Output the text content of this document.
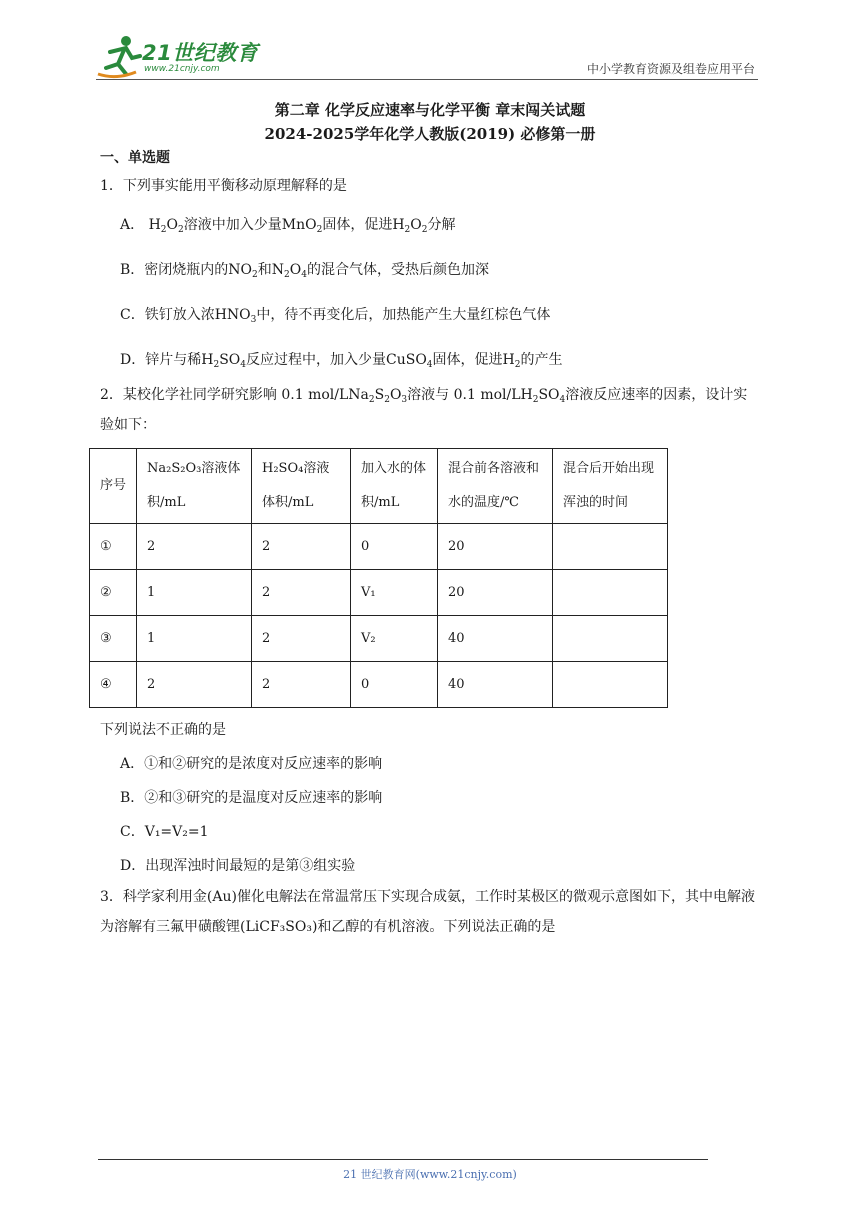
21世纪教育
www.21cnjy.com	中小学教育资源及组卷应用平台
第二章 化学反应速率与化学平衡 章末闯关试题
2024-2025学年化学人教版(2019) 必修第一册
一、单选题
1．下列事实能用平衡移动原理解释的是
A． $H_2O_2$溶液中加入少量MnO$_2$固体，促进$H_2O_2$分解
B．密闭烧瓶内的$NO_2$和$N_2O_4$的混合气体，受热后颜色加深
C．铁钉放入浓$HNO_3$中，待不再变化后，加热能产生大量红棕色气体
D．锌片与稀$H_2SO_4$反应过程中，加入少量CuSO$_4$固体，促进$H_2$的产生
2．某校化学社同学研究影响 0.1 mol/$LNa_2S_2O_3$溶液与 0.1 mol/$LH_2SO_4$溶液反应速率的因素，设计实验如下：
序号	Na₂S₂O₃溶液体积/mL	H₂SO₄溶液体积/mL	加入水的体积/mL	混合前各溶液和水的温度/℃	混合后开始出现浑浊的时间
①	2	2	0	20	
②	1	2	V₁	20	
③	1	2	V₂	40	
④	2	2	0	40	
下列说法不正确的是
A．①和②研究的是浓度对反应速率的影响
B．②和③研究的是温度对反应速率的影响
C．V₁=V₂=1
D．出现浑浊时间最短的是第③组实验
3．科学家利用金(Au)催化电解法在常温常压下实现合成氨，工作时某极区的微观示意图如下，其中电解液为溶解有三氟甲磺酸锂(LiCF₃SO₃)和乙醇的有机溶液。下列说法正确的是
21 世纪教育网(www.21cnjy.com)
